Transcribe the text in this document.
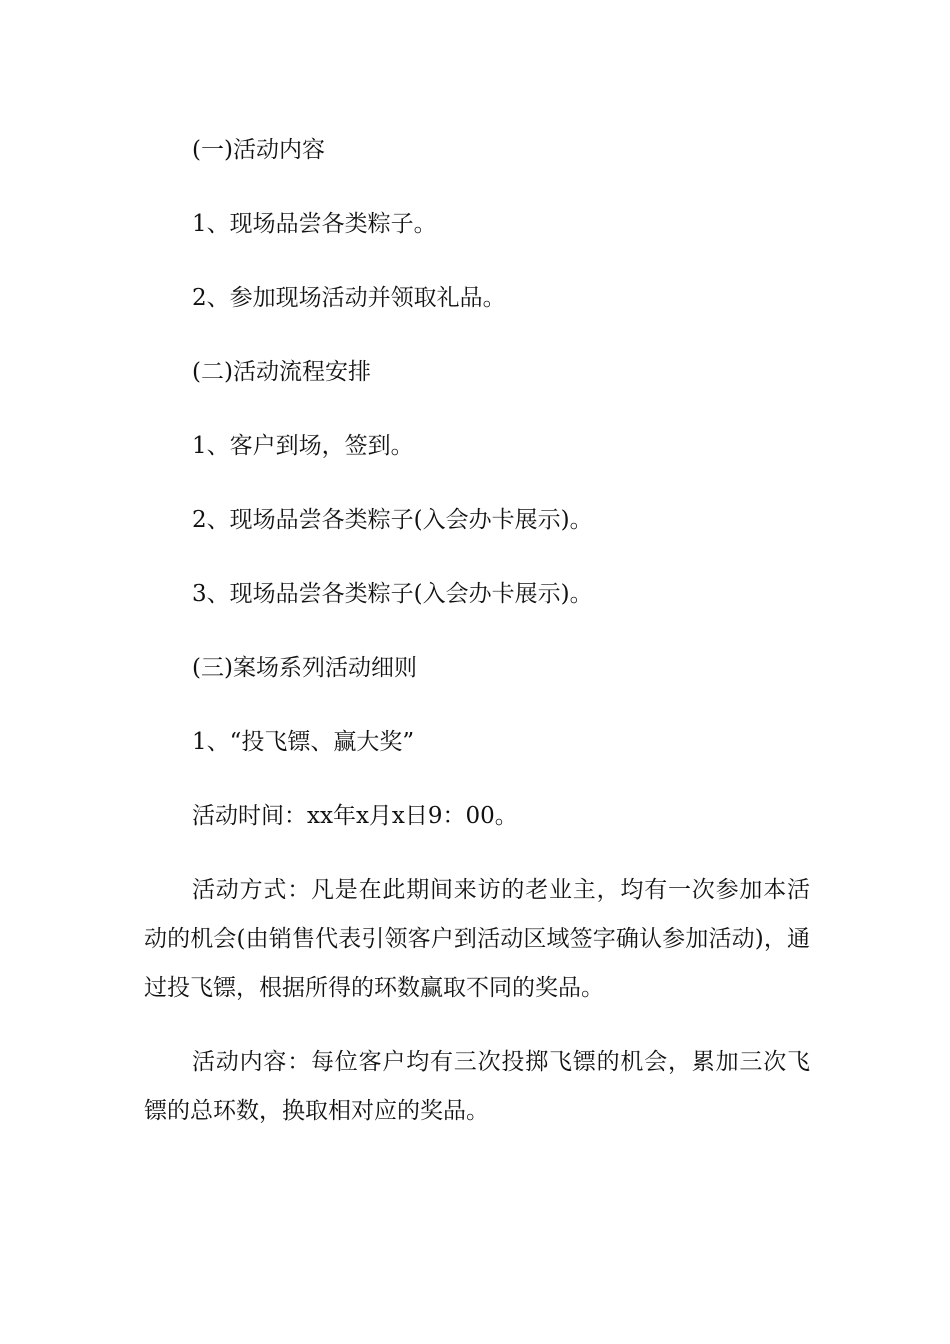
(一)活动内容

1、现场品尝各类粽子。

2、参加现场活动并领取礼品。

(二)活动流程安排

1、客户到场，签到。

2、现场品尝各类粽子(入会办卡展示)。

3、现场品尝各类粽子(入会办卡展示)。

(三)案场系列活动细则

1、“投飞镖、赢大奖”

活动时间：xx年x月x日9：00。

活动方式：凡是在此期间来访的老业主，均有一次参加本活动的机会(由销售代表引领客户到活动区域签字确认参加活动)，通过投飞镖，根据所得的环数赢取不同的奖品。

活动内容：每位客户均有三次投掷飞镖的机会，累加三次飞镖的总环数，换取相对应的奖品。
